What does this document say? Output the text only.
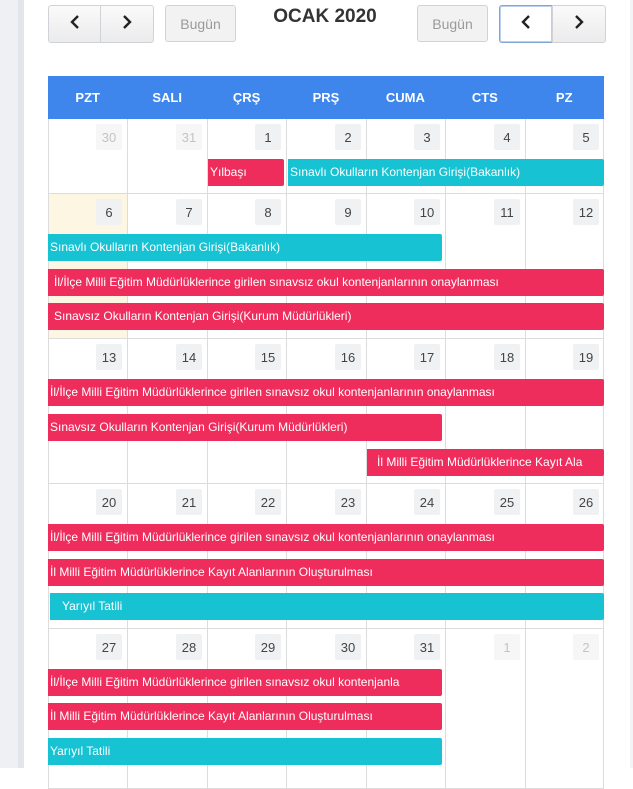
Bugün	OCAK 2020	Bugün
PZT	SALI	ÇRŞ	PRŞ	CUMA	CTS	PZ
30	31	1	2	3	4	5
6	7	8	9	10	11	12
13	14	15	16	17	18	19
20	21	22	23	24	25	26
27	28	29	30	31	1	2
Yılbaşı	Sınavlı Okulların Kontenjan Girişi(Bakanlık)
Sınavlı Okulların Kontenjan Girişi(Bakanlık)
İl/İlçe Milli Eğitim Müdürlüklerince girilen sınavsız okul kontenjanlarının onaylanması
Sınavsız Okulların Kontenjan Girişi(Kurum Müdürlükleri)
İl/İlçe Milli Eğitim Müdürlüklerince girilen sınavsız okul kontenjanlarının onaylanması
Sınavsız Okulların Kontenjan Girişi(Kurum Müdürlükleri)
İl Milli Eğitim Müdürlüklerince Kayıt Ala
İl/İlçe Milli Eğitim Müdürlüklerince girilen sınavsız okul kontenjanlarının onaylanması
İl Milli Eğitim Müdürlüklerince Kayıt Alanlarının Oluşturulması
Yarıyıl Tatili
İl/İlçe Milli Eğitim Müdürlüklerince girilen sınavsız okul kontenjanla
İl Milli Eğitim Müdürlüklerince Kayıt Alanlarının Oluşturulması
Yarıyıl Tatili
